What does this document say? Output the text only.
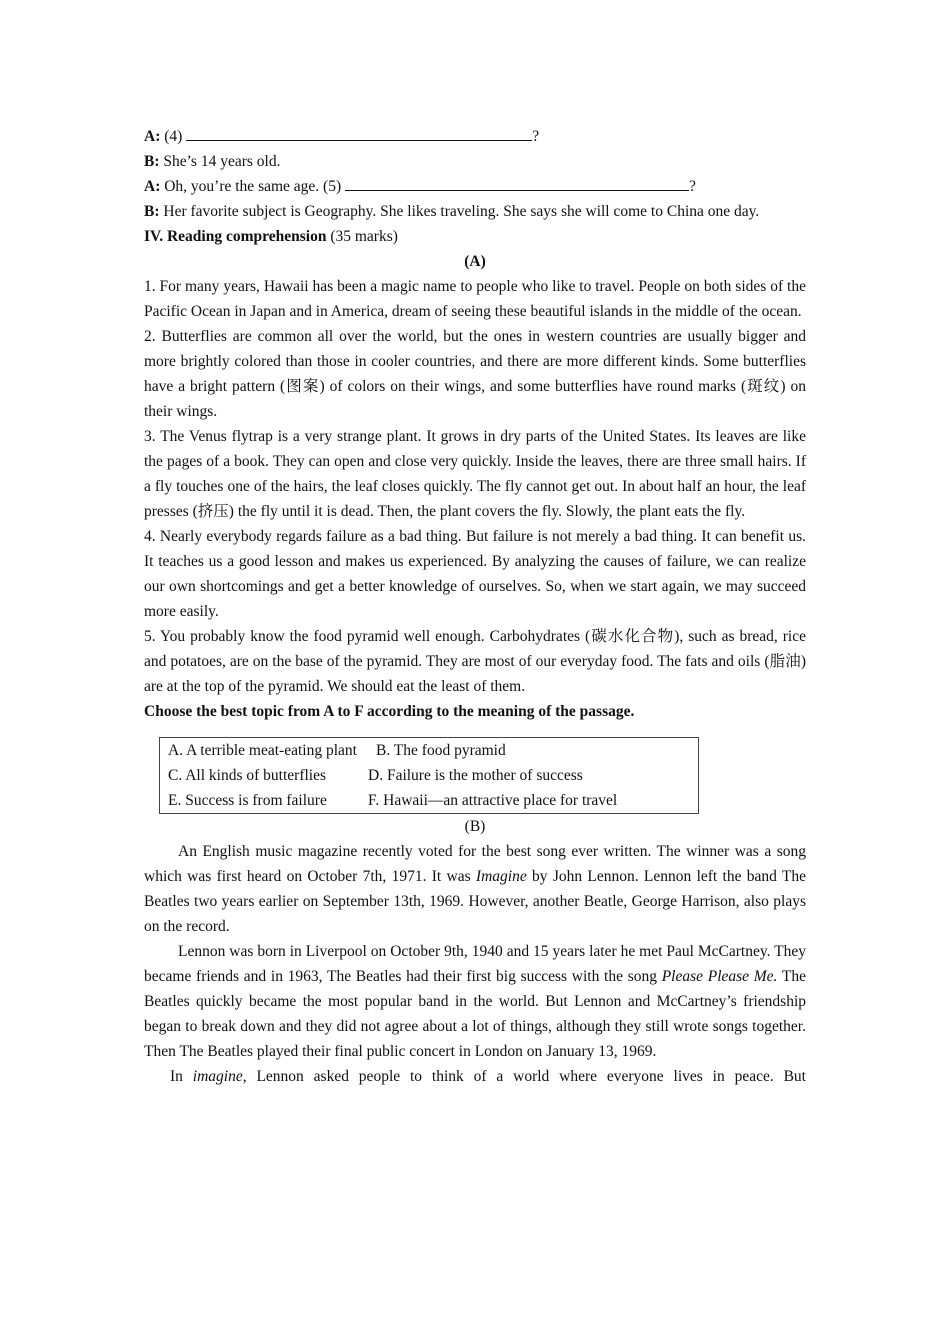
A: (4)	?
B: She’s 14 years old.
A: Oh, you’re the same age. (5)	?
B: Her favorite subject is Geography. She likes traveling. She says she will come to China one day.
IV. Reading comprehension (35 marks)
(A)
1. For many years, Hawaii has been a magic name to people who like to travel. People on both sides of the Pacific Ocean in Japan and in America, dream of seeing these beautiful islands in the middle of the ocean.
2. Butterflies are common all over the world, but the ones in western countries are usually bigger and more brightly colored than those in cooler countries, and there are more different kinds. Some butterflies have a bright pattern (图案) of colors on their wings, and some butterflies have round marks (斑纹) on their wings.
3. The Venus flytrap is a very strange plant. It grows in dry parts of the United States. Its leaves are like the pages of a book. They can open and close very quickly. Inside the leaves, there are three small hairs. If a fly touches one of the hairs, the leaf closes quickly. The fly cannot get out. In about half an hour, the leaf presses (挤压) the fly until it is dead. Then, the plant covers the fly. Slowly, the plant eats the fly.
4. Nearly everybody regards failure as a bad thing. But failure is not merely a bad thing. It can benefit us. It teaches us a good lesson and makes us experienced. By analyzing the causes of failure, we can realize our own shortcomings and get a better knowledge of ourselves. So, when we start again, we may succeed more easily.
5. You probably know the food pyramid well enough. Carbohydrates (碳水化合物), such as bread, rice and potatoes, are on the base of the pyramid. They are most of our everyday food. The fats and oils (脂油) are at the top of the pyramid. We should eat the least of them.
Choose the best topic from A to F according to the meaning of the passage.
A. A terrible meat-eating plant	B. The food pyramid
C. All kinds of butterflies	D. Failure is the mother of success
E. Success is from failure	F. Hawaii—an attractive place for travel
(B)
An English music magazine recently voted for the best song ever written. The winner was a song which was first heard on October 7th, 1971. It was Imagine by John Lennon. Lennon left the band The Beatles two years earlier on September 13th, 1969. However, another Beatle, George Harrison, also plays on the record.
Lennon was born in Liverpool on October 9th, 1940 and 15 years later he met Paul McCartney. They became friends and in 1963, The Beatles had their first big success with the song Please Please Me. The Beatles quickly became the most popular band in the world. But Lennon and McCartney’s friendship began to break down and they did not agree about a lot of things, although they still wrote songs together. Then The Beatles played their final public concert in London on January 13, 1969.
In imagine, Lennon asked people to think of a world where everyone lives in peace. But
